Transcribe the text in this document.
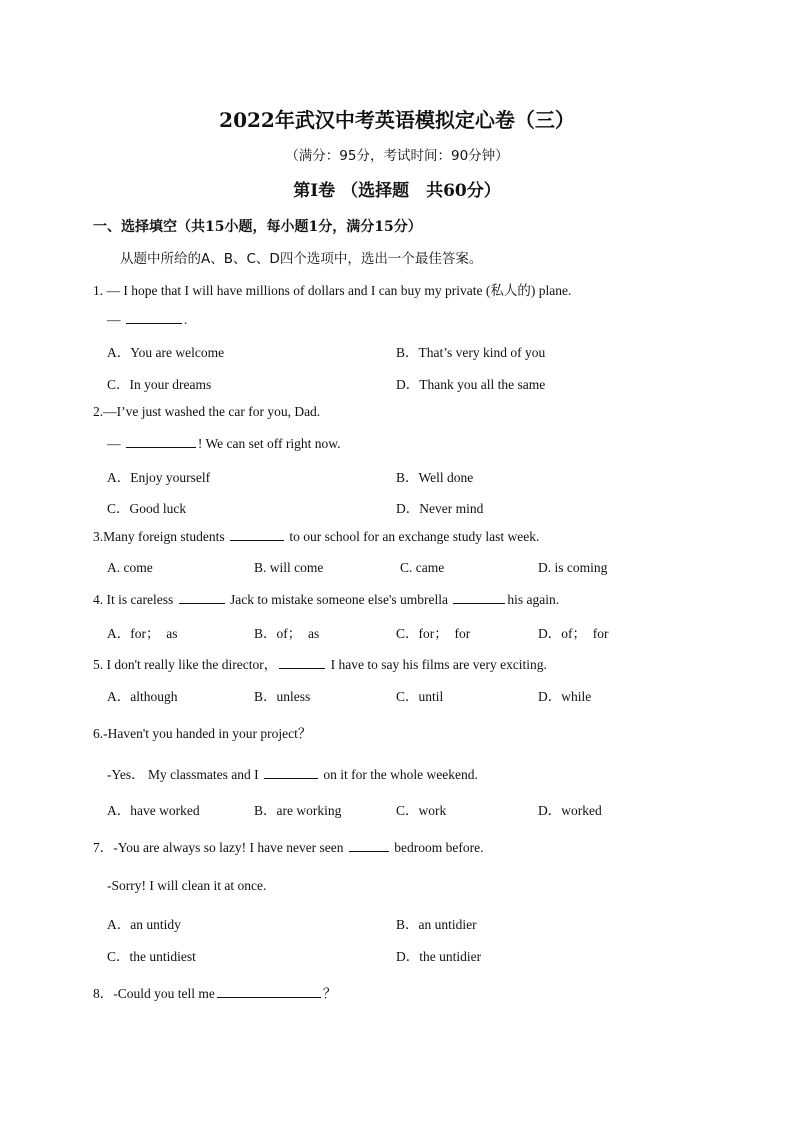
2022年武汉中考英语模拟定心卷（三）
（满分：95分，考试时间：90分钟）
第I卷 （选择题　共60分）
一、选择填空（共15小题，每小题1分，满分15分）
从题中所给的A、B、C、D四个选项中，选出一个最佳答案。
1. — I hope that I will have millions of dollars and I can buy my private (私人的) plane.
—	.
A．You are welcome	B．That’s very kind of you
C．In your dreams	D．Thank you all the same
2.—I’ve just washed the car for you, Dad.
—	! We can set off right now.
A．Enjoy yourself	B．Well done
C．Good luck	D．Never mind
3.Many foreign students	to our school for an exchange study last week.
A. come	B. will come	C. came	D. is coming
4. It is careless	Jack to mistake someone else's umbrella	his again.
A．for；　as	B．of；　as	C．for；　for	D．of；　for
5. I don't really like the director，	I have to say his films are very exciting.
A．although	B．unless	C．until	D．while
6.-Haven't you handed in your project？
-Yes． My classmates and I	on it for the whole weekend.
A．have worked	B．are working	C．work	D．worked
7．-You are always so lazy! I have never seen	bedroom before.
-Sorry! I will clean it at once.
A．an untidy	B．an untidier
C．the untidiest	D．the untidier
8．-Could you tell me	？
